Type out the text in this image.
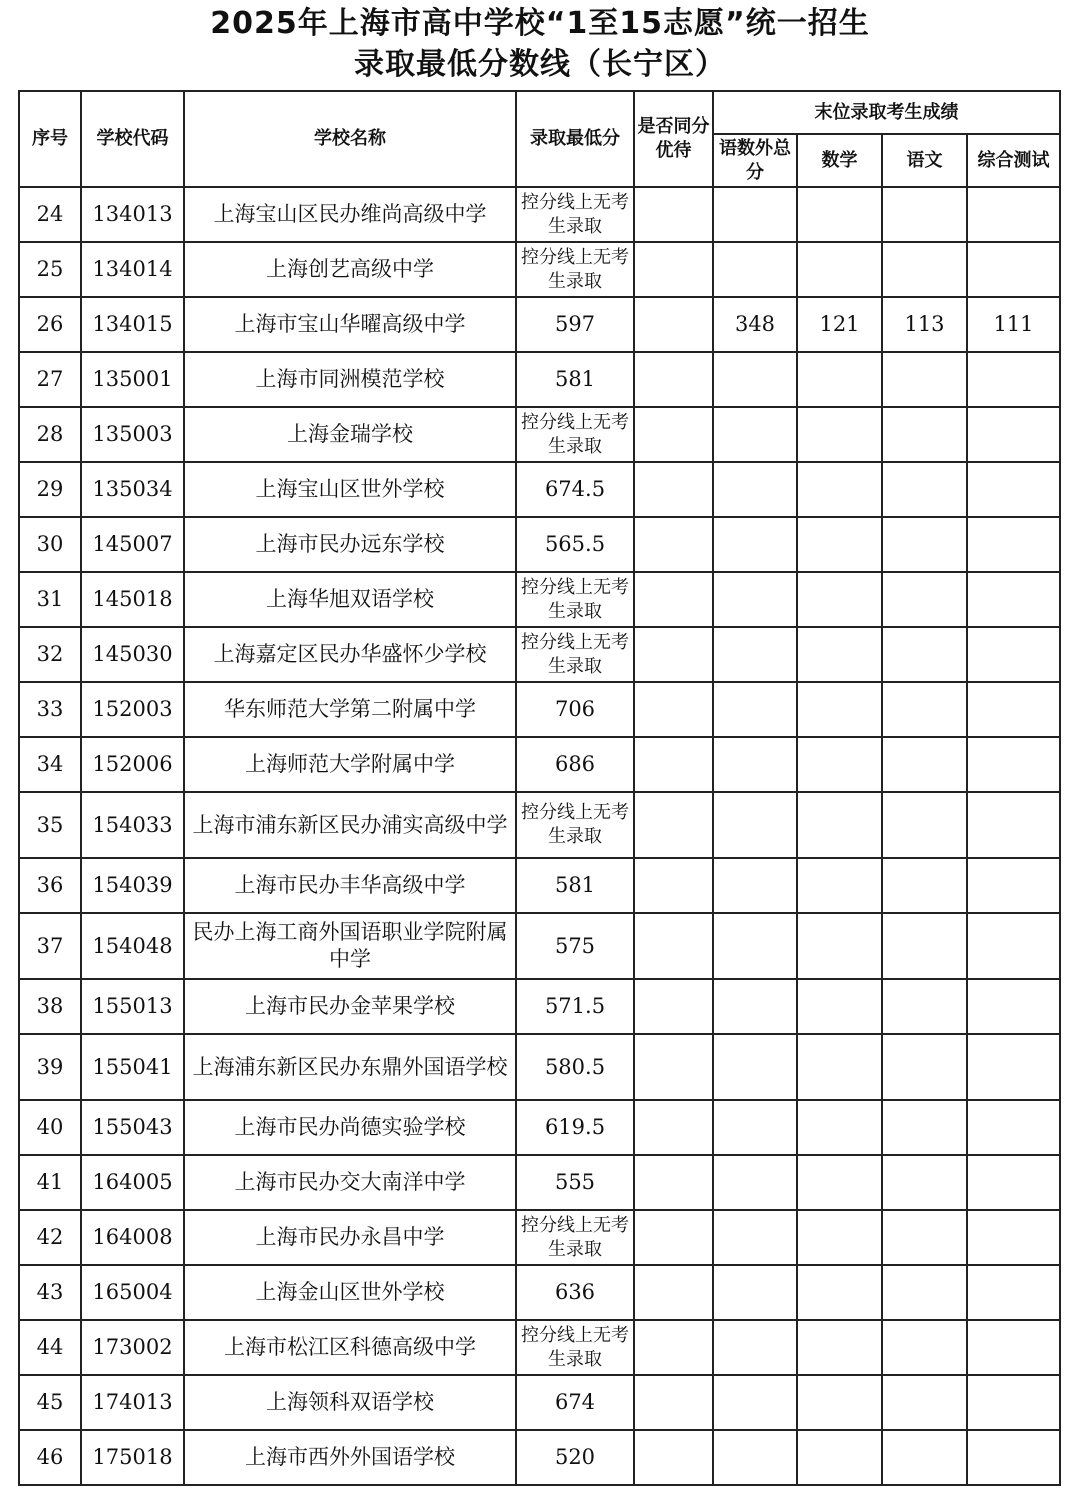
2025年上海市高中学校“1至15志愿”统一招生
录取最低分数线（长宁区）
序号	学校代码	学校名称	录取最低分	是否同分优待	末位录取考生成绩			
					语数外总分	数学	语文	综合测试
24	134013	上海宝山区民办维尚高级中学	控分线上无考生录取					
25	134014	上海创艺高级中学	控分线上无考生录取					
26	134015	上海市宝山华曜高级中学	597		348	121	113	111
27	135001	上海市同洲模范学校	581					
28	135003	上海金瑞学校	控分线上无考生录取					
29	135034	上海宝山区世外学校	674.5					
30	145007	上海市民办远东学校	565.5					
31	145018	上海华旭双语学校	控分线上无考生录取					
32	145030	上海嘉定区民办华盛怀少学校	控分线上无考生录取					
33	152003	华东师范大学第二附属中学	706					
34	152006	上海师范大学附属中学	686					
35	154033	上海市浦东新区民办浦实高级中学	控分线上无考生录取					
36	154039	上海市民办丰华高级中学	581					
37	154048	民办上海工商外国语职业学院附属中学	575					
38	155013	上海市民办金苹果学校	571.5					
39	155041	上海浦东新区民办东鼎外国语学校	580.5					
40	155043	上海市民办尚德实验学校	619.5					
41	164005	上海市民办交大南洋中学	555					
42	164008	上海市民办永昌中学	控分线上无考生录取					
43	165004	上海金山区世外学校	636					
44	173002	上海市松江区科德高级中学	控分线上无考生录取					
45	174013	上海领科双语学校	674					
46	175018	上海市西外外国语学校	520					
